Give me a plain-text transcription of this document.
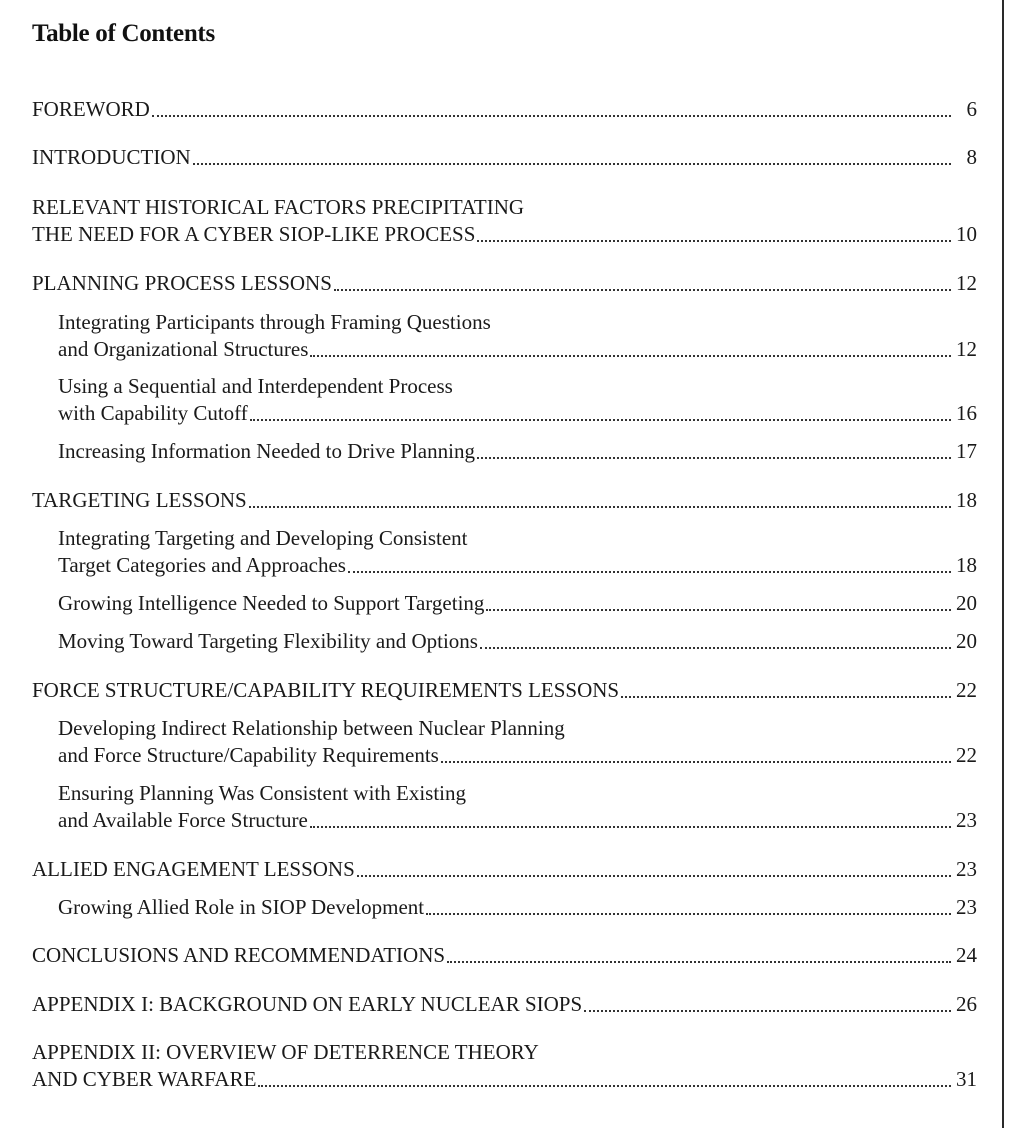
Table of Contents
FOREWORD	6
INTRODUCTION	8
RELEVANT HISTORICAL FACTORS PRECIPITATING
THE NEED FOR A CYBER SIOP-LIKE PROCESS	10
PLANNING PROCESS LESSONS	12
Integrating Participants through Framing Questions
and Organizational Structures	12
Using a Sequential and Interdependent Process
with Capability Cutoff	16
Increasing Information Needed to Drive Planning	17
TARGETING LESSONS	18
Integrating Targeting and Developing Consistent
Target Categories and Approaches	18
Growing Intelligence Needed to Support Targeting	20
Moving Toward Targeting Flexibility and Options	20
FORCE STRUCTURE/CAPABILITY REQUIREMENTS LESSONS	22
Developing Indirect Relationship between Nuclear Planning
and Force Structure/Capability Requirements	22
Ensuring Planning Was Consistent with Existing
and Available Force Structure	23
ALLIED ENGAGEMENT LESSONS	23
Growing Allied Role in SIOP Development	23
CONCLUSIONS AND RECOMMENDATIONS	24
APPENDIX I: BACKGROUND ON EARLY NUCLEAR SIOPS	26
APPENDIX II: OVERVIEW OF DETERRENCE THEORY
AND CYBER WARFARE	31
